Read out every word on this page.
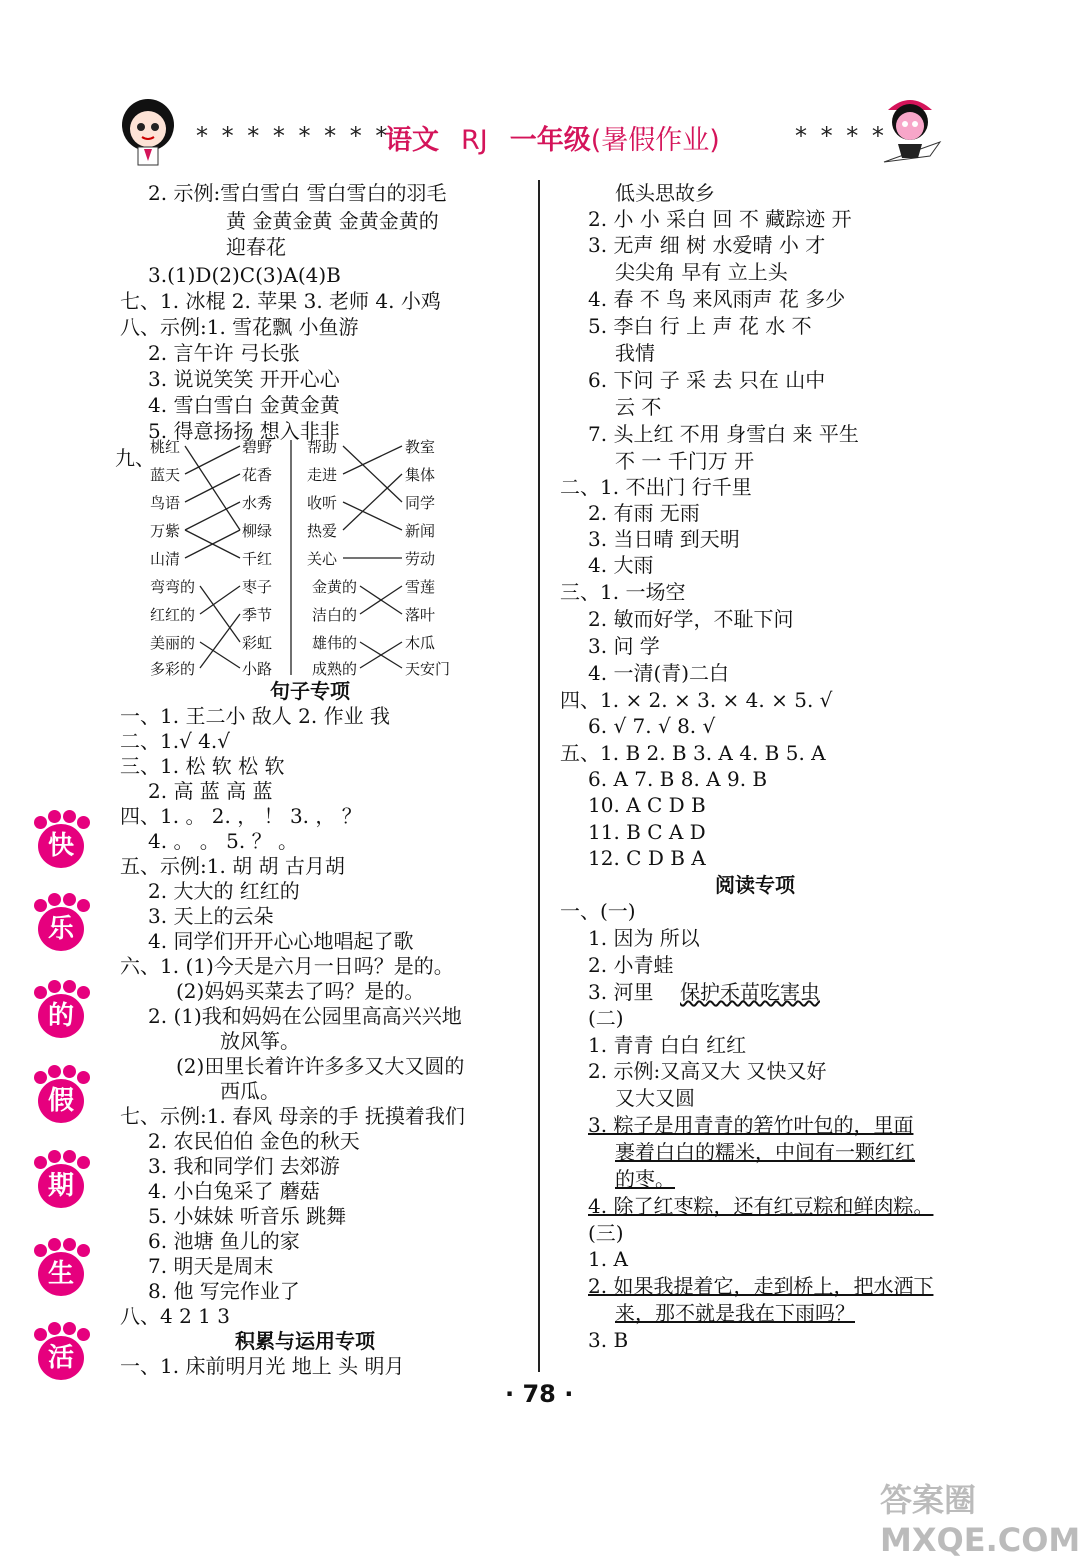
* * * * * * * *
语文 RJ 一年级(暑假作业)	* * * *
2. 示例:雪白雪白 雪白雪白的羽毛
黄 金黄金黄 金黄金黄的
迎春花
3.(1)D(2)C(3)A(4)B
七、1. 冰棍 2. 苹果 3. 老师 4. 小鸡
八、示例:1. 雪花飘 小鱼游
2. 言午许 弓长张
3. 说说笑笑 开开心心
4. 雪白雪白 金黄金黄
5. 得意扬扬 想入非非
九、
桃红
蓝天
鸟语
万紫
山清
碧野
花香
水秀
柳绿
千红
帮助
走进
收听
热爱
关心
教室
集体
同学
新闻
劳动
弯弯的
红红的
美丽的
多彩的
枣子
季节
彩虹
小路
金黄的
洁白的
雄伟的
成熟的
雪莲
落叶
木瓜
天安门
句子专项
一、1. 王二小 敌人 2. 作业 我
二、1.√ 4.√
三、1. 松 软 松 软
2. 高 蓝 高 蓝
四、1. 。 2. ， ！ 3. ， ？
4. 。 。 5. ？ 。
五、示例:1. 胡 胡 古月胡
2. 大大的 红红的
3. 天上的云朵
4. 同学们开开心心地唱起了歌
六、1. (1)今天是六月一日吗？是的。
(2)妈妈买菜去了吗？是的。
2. (1)我和妈妈在公园里高高兴兴地
放风筝。
(2)田里长着许许多多又大又圆的
西瓜。
七、示例:1. 春风 母亲的手 抚摸着我们
2. 农民伯伯 金色的秋天
3. 我和同学们 去郊游
4. 小白兔采了 蘑菇
5. 小妹妹 听音乐 跳舞
6. 池塘 鱼儿的家
7. 明天是周末
8. 他 写完作业了
八、4 2 1 3
积累与运用专项
一、1. 床前明月光 地上 头 明月
低头思故乡
2. 小 小 采白 回 不 藏踪迹 开
3. 无声 细 树 水爱晴 小 才
尖尖角 早有 立上头
4. 春 不 鸟 来风雨声 花 多少
5. 李白 行 上 声 花 水 不
我情
6. 下问 子 采 去 只在 山中
云 不
7. 头上红 不用 身雪白 来 平生
不 一 千门万 开
二、1. 不出门 行千里
2. 有雨 无雨
3. 当日晴 到天明
4. 大雨
三、1. 一场空
2. 敏而好学，不耻下问
3. 问 学
4. 一清(青)二白
四、1. × 2. × 3. × 4. × 5. √
6. √ 7. √ 8. √
五、1. B 2. B 3. A 4. B 5. A
6. A 7. B 8. A 9. B
10. A C D B
11. B C A D
12. C D B A
阅读专项
一、(一)
1. 因为 所以
2. 小青蛙
3. 河里 保护禾苗吃害虫
(二)
1. 青青 白白 红红
2. 示例:又高又大 又快又好
又大又圆
3. 粽子是用青青的箬竹叶包的，里面
裹着白白的糯米，中间有一颗红红
的枣。
4. 除了红枣粽，还有红豆粽和鲜肉粽。
(三)
1. A
2. 如果我提着它，走到桥上，把水洒下
来，那不就是我在下雨吗？
3. B
快
乐
的
假
期
生
活
· 78 ·
答案圈 MXQE.COM
